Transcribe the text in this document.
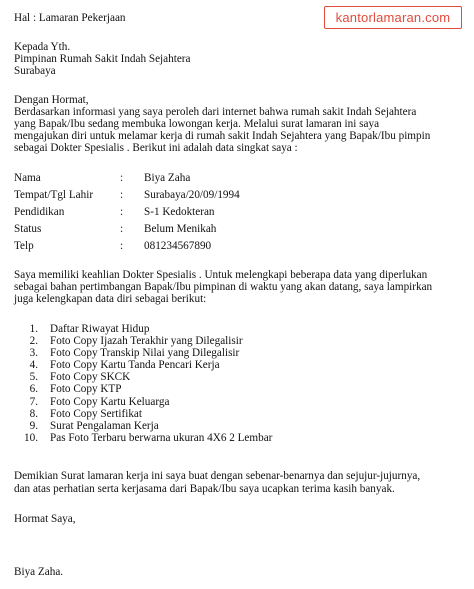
kantorlamaran.com
Hal : Lamaran Pekerjaan
Kepada Yth.
Pimpinan Rumah Sakit Indah Sejahtera
Surabaya
Dengan Hormat,
Berdasarkan informasi yang saya peroleh dari internet bahwa rumah sakit Indah Sejahtera
yang Bapak/Ibu sedang membuka lowongan kerja. Melalui surat lamaran ini saya
mengajukan diri untuk melamar kerja di rumah sakit Indah Sejahtera yang Bapak/Ibu pimpin
sebagai Dokter Spesialis . Berikut ini adalah data singkat saya :
Nama	: Biya Zaha
Tempat/Tgl Lahir : Surabaya/20/09/1994
Pendidikan	: S-1 Kedokteran
Status	: Belum Menikah
Telp	: 081234567890
Saya memiliki keahlian Dokter Spesialis . Untuk melengkapi beberapa data yang diperlukan
sebagai bahan pertimbangan Bapak/Ibu pimpinan di waktu yang akan datang, saya lampirkan
juga kelengkapan data diri sebagai berikut:
1. Daftar Riwayat Hidup
2. Foto Copy Ijazah Terakhir yang Dilegalisir
3. Foto Copy Transkip Nilai yang Dilegalisir
4. Foto Copy Kartu Tanda Pencari Kerja
5. Foto Copy SKCK
6. Foto Copy KTP
7. Foto Copy Kartu Keluarga
8. Foto Copy Sertifikat
9. Surat Pengalaman Kerja
10. Pas Foto Terbaru berwarna ukuran 4X6 2 Lembar
Demikian Surat lamaran kerja ini saya buat dengan sebenar-benarnya dan sejujur-jujurnya,
dan atas perhatian serta kerjasama dari Bapak/Ibu saya ucapkan terima kasih banyak.
Hormat Saya,
Biya Zaha.
